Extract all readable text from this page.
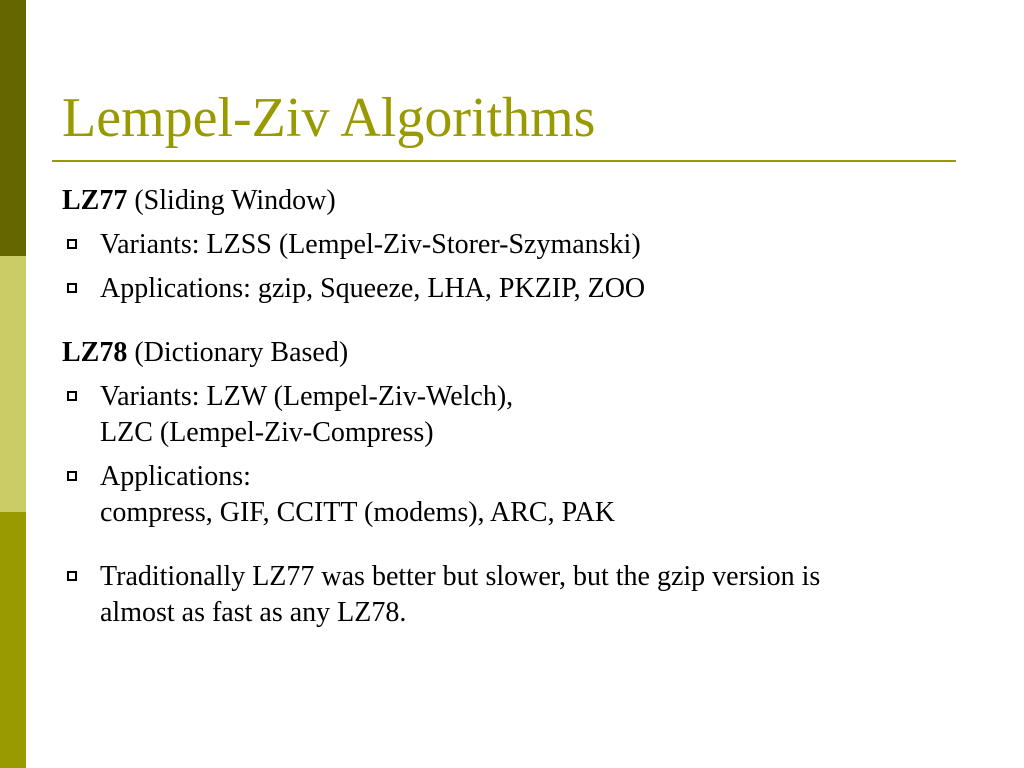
Lempel-Ziv Algorithms
LZ77 (Sliding Window)
Variants: LZSS (Lempel-Ziv-Storer-Szymanski)
Applications: gzip, Squeeze, LHA, PKZIP, ZOO
LZ78 (Dictionary Based)
Variants: LZW (Lempel-Ziv-Welch),
LZC (Lempel-Ziv-Compress)
Applications:
compress, GIF, CCITT (modems), ARC, PAK
Traditionally LZ77 was better but slower, but the gzip version is
almost as fast as any LZ78.
